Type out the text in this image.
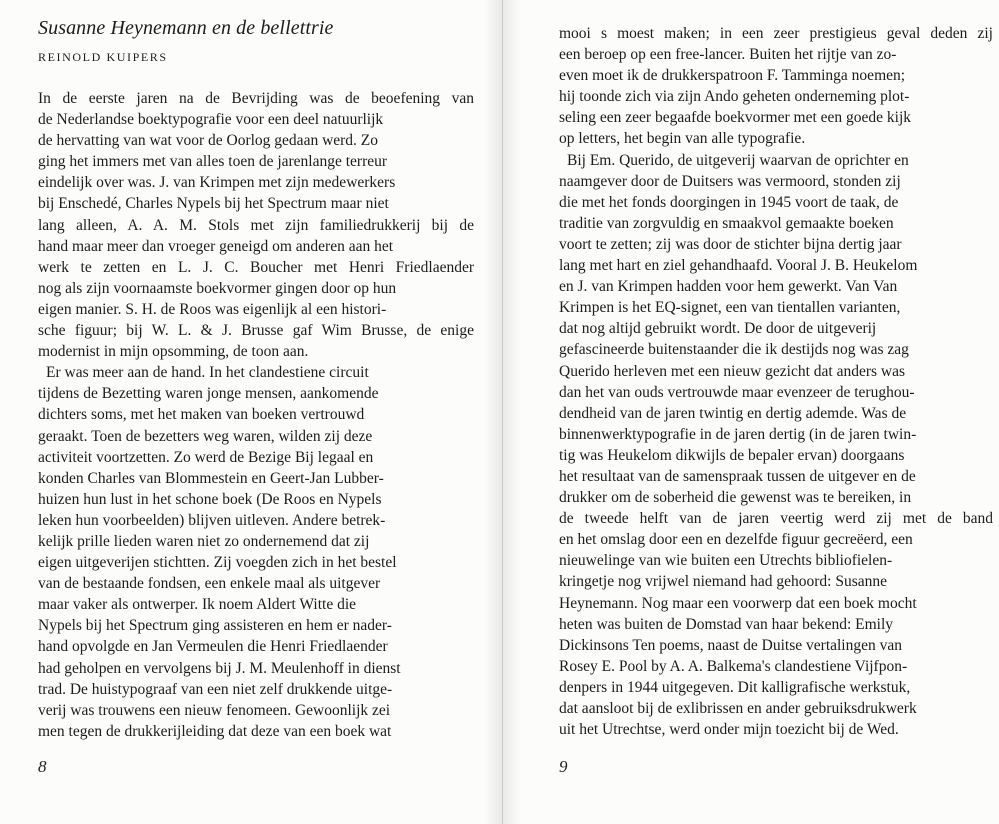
Susanne Heynemann en de bellettrie
REINOLD KUIPERS
In de eerste jaren na de Bevrijding was de beoefening van
de Nederlandse boektypografie voor een deel natuurlijk
de hervatting van wat voor de Oorlog gedaan werd. Zo
ging het immers met van alles toen de jarenlange terreur
eindelijk over was. J. van Krimpen met zijn medewerkers
bij Enschedé, Charles Nypels bij het Spectrum maar niet
lang alleen, A. A. M. Stols met zijn familiedrukkerij bij de
hand maar meer dan vroeger geneigd om anderen aan het
werk te zetten en L. J. C. Boucher met Henri Friedlaender
nog als zijn voornaamste boekvormer gingen door op hun
eigen manier. S. H. de Roos was eigenlijk al een histori-
sche figuur; bij W. L. & J. Brusse gaf Wim Brusse, de enige
modernist in mijn opsomming, de toon aan.
Er was meer aan de hand. In het clandestiene circuit
tijdens de Bezetting waren jonge mensen, aankomende
dichters soms, met het maken van boeken vertrouwd
geraakt. Toen de bezetters weg waren, wilden zij deze
activiteit voortzetten. Zo werd de Bezige Bij legaal en
konden Charles van Blommestein en Geert-Jan Lubber-
huizen hun lust in het schone boek (De Roos en Nypels
leken hun voorbeelden) blijven uitleven. Andere betrek-
kelijk prille lieden waren niet zo ondernemend dat zij
eigen uitgeverijen stichtten. Zij voegden zich in het bestel
van de bestaande fondsen, een enkele maal als uitgever
maar vaker als ontwerper. Ik noem Aldert Witte die
Nypels bij het Spectrum ging assisteren en hem er nader-
hand opvolgde en Jan Vermeulen die Henri Friedlaender
had geholpen en vervolgens bij J. M. Meulenhoff in dienst
trad. De huistypograaf van een niet zelf drukkende uitge-
verij was trouwens een nieuw fenomeen. Gewoonlijk zei
men tegen de drukkerijleiding dat deze van een boek wat
8
mooi s moest maken; in een zeer prestigieus geval deden zij
een beroep op een free-lancer. Buiten het rijtje van zo-
even moet ik de drukkerspatroon F. Tamminga noemen;
hij toonde zich via zijn Ando geheten onderneming plot-
seling een zeer begaafde boekvormer met een goede kijk
op letters, het begin van alle typografie.
Bij Em. Querido, de uitgeverij waarvan de oprichter en
naamgever door de Duitsers was vermoord, stonden zij
die met het fonds doorgingen in 1945 voort de taak, de
traditie van zorgvuldig en smaakvol gemaakte boeken
voort te zetten; zij was door de stichter bijna dertig jaar
lang met hart en ziel gehandhaafd. Vooral J. B. Heukelom
en J. van Krimpen hadden voor hem gewerkt. Van Van
Krimpen is het EQ-signet, een van tientallen varianten,
dat nog altijd gebruikt wordt. De door de uitgeverij
gefascineerde buitenstaander die ik destijds nog was zag
Querido herleven met een nieuw gezicht dat anders was
dan het van ouds vertrouwde maar evenzeer de terughou-
dendheid van de jaren twintig en dertig ademde. Was de
binnenwerktypografie in de jaren dertig (in de jaren twin-
tig was Heukelom dikwijls de bepaler ervan) doorgaans
het resultaat van de samenspraak tussen de uitgever en de
drukker om de soberheid die gewenst was te bereiken, in
de tweede helft van de jaren veertig werd zij met de band
en het omslag door een en dezelfde figuur gecreëerd, een
nieuwelinge van wie buiten een Utrechts bibliofielen-
kringetje nog vrijwel niemand had gehoord: Susanne
Heynemann. Nog maar een voorwerp dat een boek mocht
heten was buiten de Domstad van haar bekend: Emily
Dickinsons Ten poems, naast de Duitse vertalingen van
Rosey E. Pool by A. A. Balkema's clandestiene Vijfpon-
denpers in 1944 uitgegeven. Dit kalligrafische werkstuk,
dat aansloot bij de exlibrissen en ander gebruiksdrukwerk
uit het Utrechtse, werd onder mijn toezicht bij de Wed.
9
